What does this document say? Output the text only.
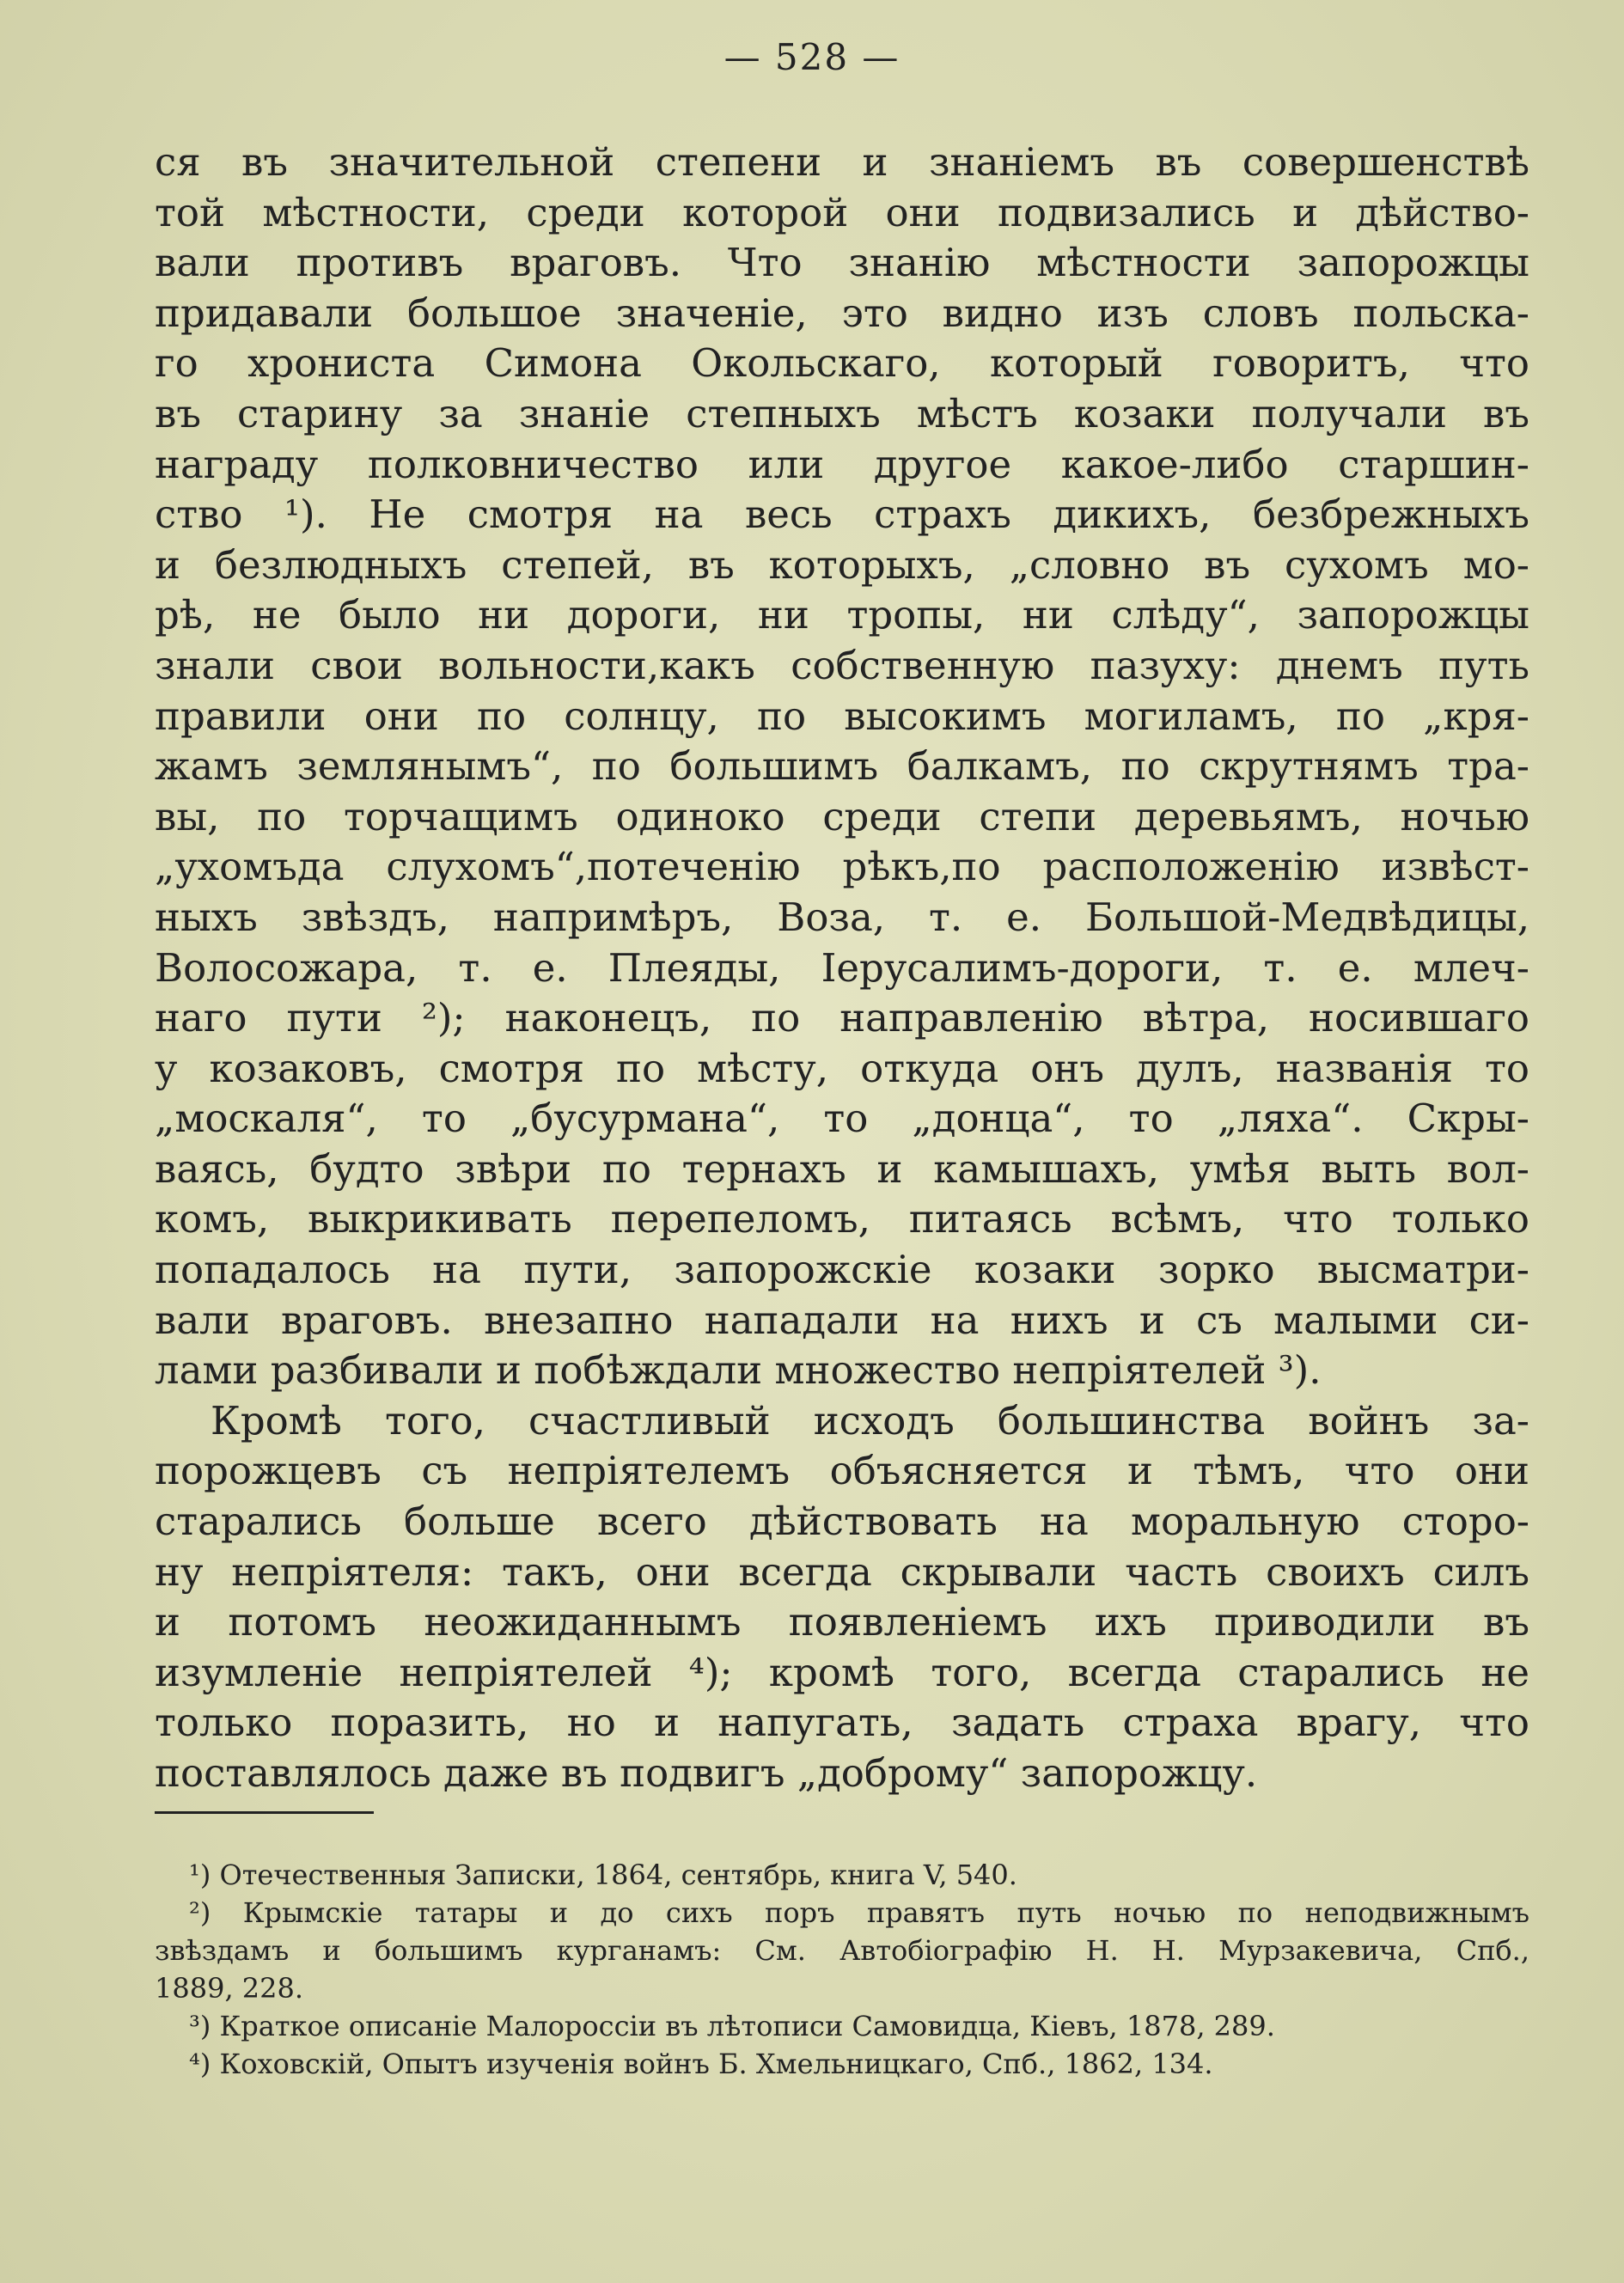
— 528 —
ся въ значительной степени и знаніемъ въ совершенствѣ
той мѣстности, среди которой они подвизались и дѣйство-
вали противъ враговъ. Что знанію мѣстности запорожцы
придавали большое значеніе, это видно изъ словъ польска-
го хрониста Симона Окольскаго, который говоритъ, что
въ старину за знаніе степныхъ мѣстъ козаки получали въ
награду полковничество или другое какое-либо старшин-
ство ¹). Не смотря на весь страхъ дикихъ, безбрежныхъ
и безлюдныхъ степей, въ которыхъ, „словно въ сухомъ мо-
рѣ, не было ни дороги, ни тропы, ни слѣду“, запорожцы
знали свои вольности,какъ собственную пазуху: днемъ путь
правили они по солнцу, по высокимъ могиламъ, по „кря-
жамъ землянымъ“, по большимъ балкамъ, по скрутнямъ тра-
вы, по торчащимъ одиноко среди степи деревьямъ, ночью
„ухомъда слухомъ“,потеченію рѣкъ,по расположенію извѣст-
ныхъ звѣздъ, напримѣръ, Воза, т. е. Большой-Медвѣдицы,
Волосожара, т. е. Плеяды, Іерусалимъ-дороги, т. е. млеч-
наго пути ²); наконецъ, по направленію вѣтра, носившаго
у козаковъ, смотря по мѣсту, откуда онъ дулъ, названія то
„москаля“, то „бусурмана“, то „донца“, то „ляха“. Скры-
ваясь, будто звѣри по тернахъ и камышахъ, умѣя выть вол-
комъ, выкрикивать перепеломъ, питаясь всѣмъ, что только
попадалось на пути, запорожскіе козаки зорко высматри-
вали враговъ. внезапно нападали на нихъ и съ малыми си-
лами разбивали и побѣждали множество непріятелей ³).
Кромѣ того, счастливый исходъ большинства войнъ за-
порожцевъ съ непріятелемъ объясняется и тѣмъ, что они
старались больше всего дѣйствовать на моральную сторо-
ну непріятеля: такъ, они всегда скрывали часть своихъ силъ
и потомъ неожиданнымъ появленіемъ ихъ приводили въ
изумленіе непріятелей ⁴); кромѣ того, всегда старались не
только поразить, но и напугать, задать страха врагу, что
поставлялось даже въ подвигъ „доброму“ запорожцу.
¹) Отечественныя Записки, 1864, сентябрь, книга V, 540.
²) Крымскіе татары и до сихъ поръ правятъ путь ночью по неподвижнымъ
звѣздамъ и большимъ курганамъ: См. Автобіографію Н. Н. Мурзакевича, Спб.,
1889, 228.
³) Краткое описаніе Малороссіи въ лѣтописи Самовидца, Кіевъ, 1878, 289.
⁴) Коховскій, Опытъ изученія войнъ Б. Хмельницкаго, Спб., 1862, 134.
